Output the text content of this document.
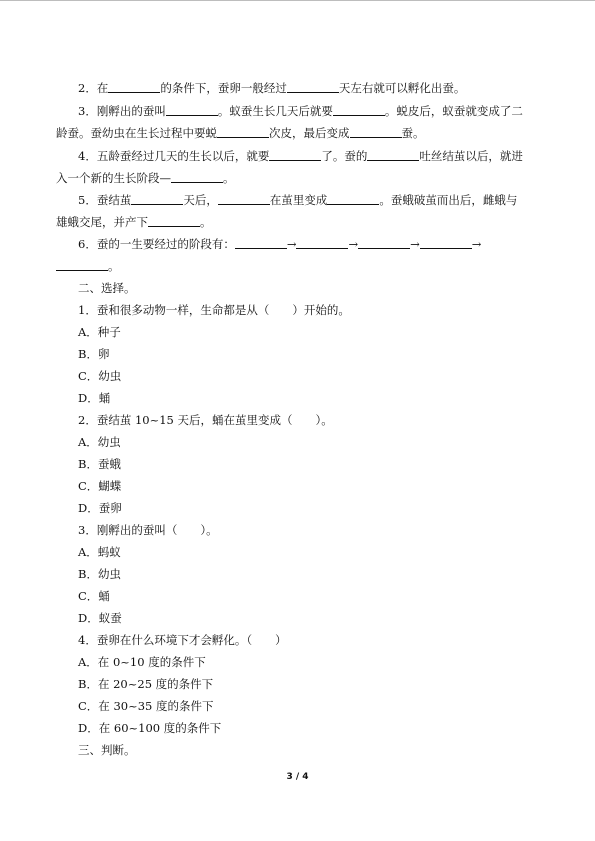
2．在	的条件下，蚕卵一般经过	天左右就可以孵化出蚕。
3．刚孵出的蚕叫	。蚁蚕生长几天后就要	。蜕皮后，蚁蚕就变成了二
龄蚕。蚕幼虫在生长过程中要蜕	次皮，最后变成	蚕。
4．五龄蚕经过几天的生长以后，就要	了。蚕的	吐丝结茧以后，就进
入一个新的生长阶段—	。
5．蚕结茧	天后，	在茧里变成	。蚕蛾破茧而出后，雌蛾与
雄蛾交尾，并产下	。
6．蚕的一生要经过的阶段有：	→	→	→	→
。
二、选择。
1．蚕和很多动物一样，生命都是从（　　）开始的。
A．种子
B．卵
C．幼虫
D．蛹
2．蚕结茧 10~15 天后，蛹在茧里变成（　　）。
A．幼虫
B．蚕蛾
C．蝴蝶
D．蚕卵
3．刚孵出的蚕叫（　　）。
A．蚂蚁
B．幼虫
C．蛹
D．蚁蚕
4．蚕卵在什么环境下才会孵化。（　　）
A．在 0~10 度的条件下
B．在 20~25 度的条件下
C．在 30~35 度的条件下
D．在 60~100 度的条件下
三、判断。
3 / 4
